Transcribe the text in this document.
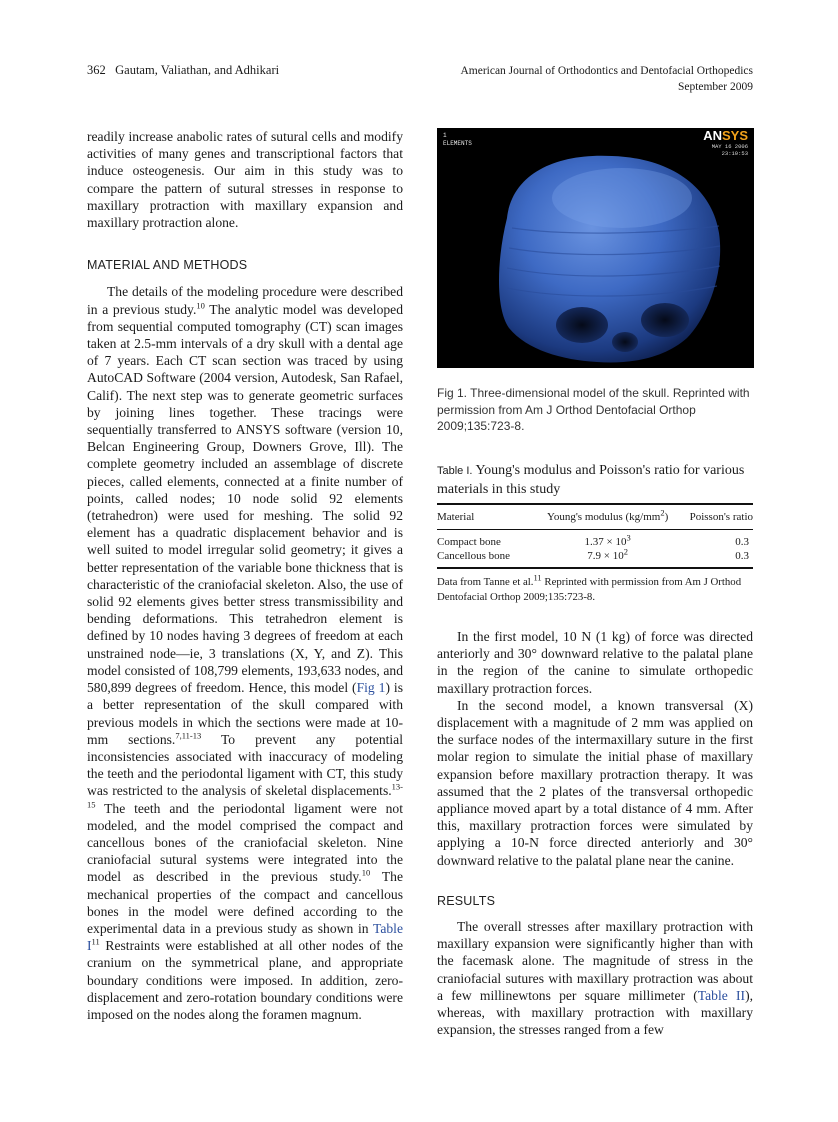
362 Gautam, Valiathan, and Adhikari	American Journal of Orthodontics and Dentofacial Orthopedics
September 2009

readily increase anabolic rates of sutural cells and modify activities of many genes and transcriptional factors that induce osteogenesis. Our aim in this study was to compare the pattern of sutural stresses in response to maxillary protraction with maxillary expansion and maxillary protraction alone.

MATERIAL AND METHODS

The details of the modeling procedure were described in a previous study.$^{10}$ The analytic model was developed from sequential computed tomography (CT) scan images taken at 2.5-mm intervals of a dry skull with a dental age of 7 years. Each CT scan section was traced by using AutoCAD Software (2004 version, Autodesk, San Rafael, Calif). The next step was to generate geometric surfaces by joining lines together. These tracings were sequentially transferred to ANSYS software (version 10, Belcan Engineering Group, Downers Grove, Ill). The complete geometry included an assemblage of discrete pieces, called elements, connected at a finite number of points, called nodes; 10 node solid 92 elements (tetrahedron) were used for meshing. The solid 92 element has a quadratic displacement behavior and is well suited to model irregular solid geometry; it gives a better representation of the variable bone thickness that is characteristic of the craniofacial skeleton. Also, the use of solid 92 elements gives better stress transmissibility and bending deformations. This tetrahedron element is defined by 10 nodes having 3 degrees of freedom at each unstrained node—ie, 3 translations (X, Y, and Z). This model consisted of 108,799 elements, 193,633 nodes, and 580,899 degrees of freedom. Hence, this model (Fig 1) is a better representation of the skull compared with previous models in which the sections were made at 10-mm sections.$^{7,11-13}$ To prevent any potential inconsistencies associated with inaccuracy of modeling the teeth and the periodontal ligament with CT, this study was restricted to the analysis of skeletal displacements.$^{13-15}$ The teeth and the periodontal ligament were not modeled, and the model comprised the compact and cancellous bones of the craniofacial skeleton. Nine craniofacial sutural systems were integrated into the model as described in the previous study.$^{10}$ The mechanical properties of the compact and cancellous bones in the model were defined according to the experimental data in a previous study as shown in Table $I^{11}$ Restraints were established at all other nodes of the cranium on the symmetrical plane, and appropriate boundary conditions were imposed. In addition, zero-displacement and zero-rotation boundary conditions were imposed on the nodes along the foramen magnum.

ELEMENTS
1	ANSYS
MAY 16 2006
23:10:53
Fig 1. Three-dimensional model of the skull. Reprinted with permission from Am J Orthod Dentofacial Orthop 2009;135:723-8.

Table I. Young's modulus and Poisson's ratio for various materials in this study

Material	Young's modulus $(kg/mm^2)$	Poisson's ratio
Compact bone	$1.37 \times 10^3$	0.3
Cancellous bone	$7.9 \times 10^2$	0.3
Data from Tanne et al.$^{11}$ Reprinted with permission from Am J Orthod Dentofacial Orthop 2009;135:723-8.

In the first model, 10 N (1 kg) of force was directed anteriorly and 30° downward relative to the palatal plane in the region of the canine to simulate orthopedic maxillary protraction forces.

In the second model, a known transversal (X) displacement with a magnitude of 2 mm was applied on the surface nodes of the intermaxillary suture in the first molar region to simulate the initial phase of maxillary expansion before maxillary protraction therapy. It was assumed that the 2 plates of the transversal orthopedic appliance moved apart by a total distance of 4 mm. After this, maxillary protraction forces were simulated by applying a 10-N force directed anteriorly and 30° downward relative to the palatal plane near the canine.

RESULTS

The overall stresses after maxillary protraction with maxillary expansion were significantly higher than with the facemask alone. The magnitude of stress in the craniofacial sutures with maxillary protraction was about a few millinewtons per square millimeter (Table II), whereas, with maxillary protraction with maxillary expansion, the stresses ranged from a few
